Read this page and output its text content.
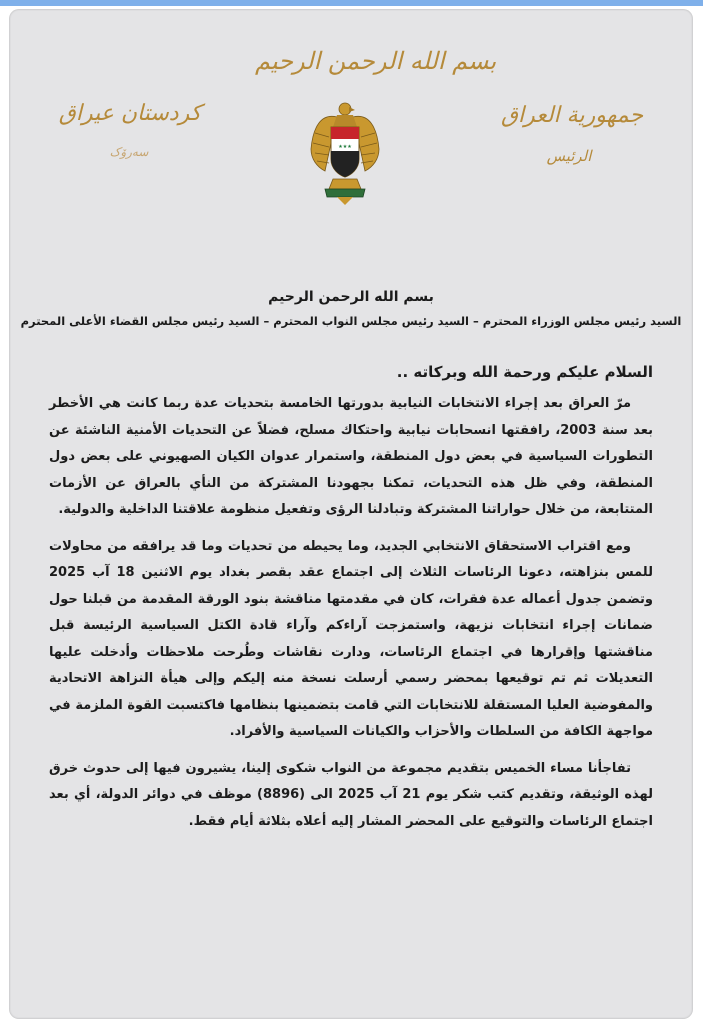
بسم الله الرحمن الرحيم
جمهورية العراق
الرئيس
كردستان عيراق
سەرۆک	★★★
بسم الله الرحمن الرحيم
السيد رئيس مجلس الوزراء المحترم – السيد رئيس مجلس النواب المحترم – السيد رئيس مجلس القضاء الأعلى المحترم

السلام عليكم ورحمة الله وبركاته ..

مرّ العراق بعد إجراء الانتخابات النيابية بدورتها الخامسة بتحديات عدة ربما كانت هي الأخطر بعد سنة 2003، رافقتها انسحابات نيابية واحتكاك مسلح، فضلاً عن التحديات الأمنية الناشئة عن التطورات السياسية في بعض دول المنطقة، واستمرار عدوان الكيان الصهيوني على بعض دول المنطقة، وفي ظل هذه التحديات، تمكنا بجهودنا المشتركة من النأي بالعراق عن الأزمات المتتابعة، من خلال حواراتنا المشتركة وتبادلنا الرؤى وتفعيل منظومة علاقتنا الداخلية والدولية.

ومع اقتراب الاستحقاق الانتخابي الجديد، وما يحيطه من تحديات وما قد يرافقه من محاولات للمس بنزاهته، دعونا الرئاسات الثلاث إلى اجتماع عقد بقصر بغداد يوم الاثنين 18 آب 2025 وتضمن جدول أعماله عدة فقرات، كان في مقدمتها مناقشة بنود الورقة المقدمة من قبلنا حول ضمانات إجراء انتخابات نزيهة، واستمزجت آراءكم وآراء قادة الكتل السياسية الرئيسة قبل مناقشتها وإقرارها في اجتماع الرئاسات، ودارت نقاشات وطُرحت ملاحظات وأدخلت عليها التعديلات ثم تم توقيعها بمحضر رسمي أرسلت نسخة منه إليكم وإلى هيأة النزاهة الاتحادية والمفوضية العليا المستقلة للانتخابات التي قامت بتضمينها بنظامها فاكتسبت القوة الملزمة في مواجهة الكافة من السلطات والأحزاب والكيانات السياسية والأفراد.

تفاجأنا مساء الخميس بتقديم مجموعة من النواب شكوى إلينا، يشيرون فيها إلى حدوث خرق لهذه الوثيقة، وتقديم كتب شكر يوم 21 آب 2025 الى (8896) موظف في دوائر الدولة، أي بعد اجتماع الرئاسات والتوقيع على المحضر المشار إليه أعلاه بثلاثة أيام فقط.
